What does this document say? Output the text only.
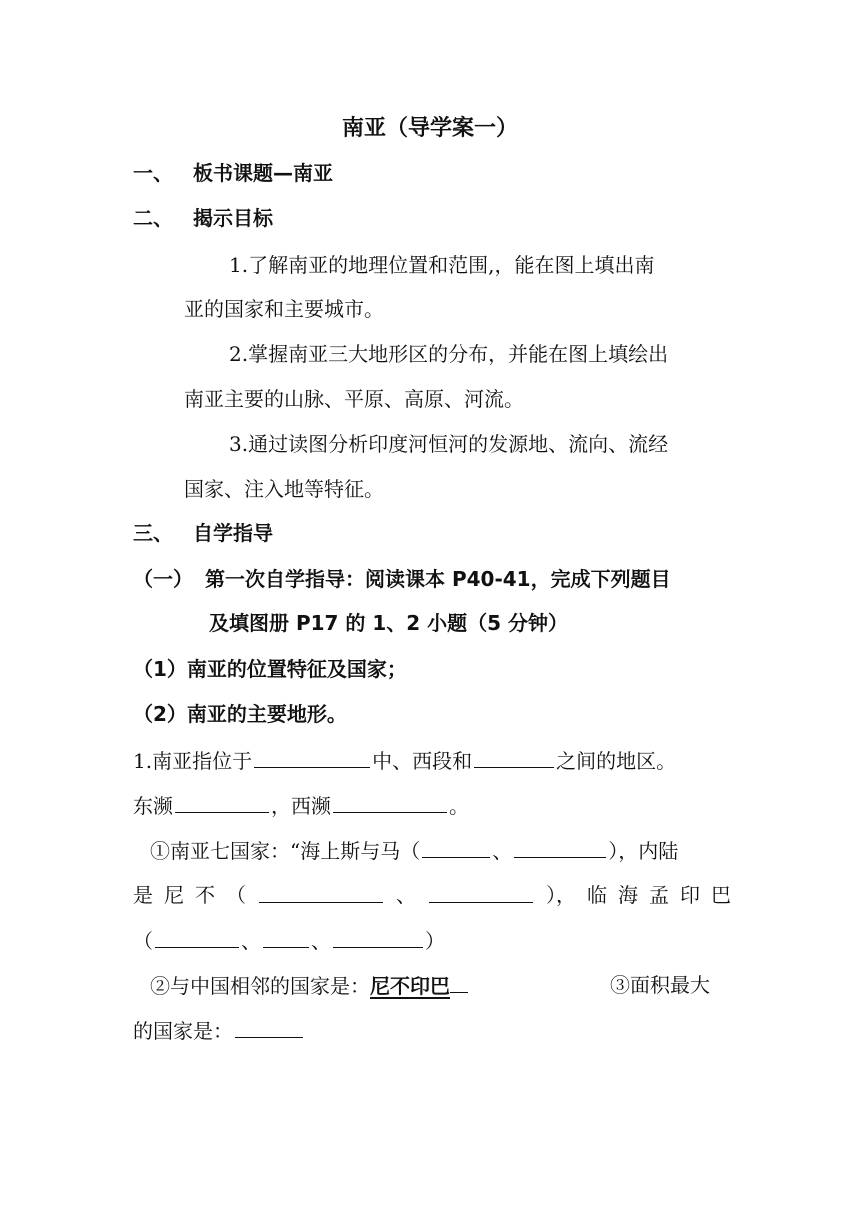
南亚（导学案一）
一、 板书课题—南亚
二、 揭示目标
1.了解南亚的地理位置和范围,，能在图上填出南
亚的国家和主要城市。
2.掌握南亚三大地形区的分布，并能在图上填绘出
南亚主要的山脉、平原、高原、河流。
3.通过读图分析印度河恒河的发源地、流向、流经
国家、注入地等特征。
三、 自学指导
（一） 第一次自学指导：阅读课本 P40-41，完成下列题目
及填图册 P17 的 1、2 小题（5 分钟）
（1）南亚的位置特征及国家；
（2）南亚的主要地形。
1.南亚指位于	中、西段和	之间的地区。
东濒	，西濒	。
①南亚七国家：“海上斯与马（	、	），内陆
是 尼 不 （	、	）， 临 海 孟 印 巴
（	、	、	）
②与中国相邻的国家是：尼不印巴	③面积最大
的国家是：
